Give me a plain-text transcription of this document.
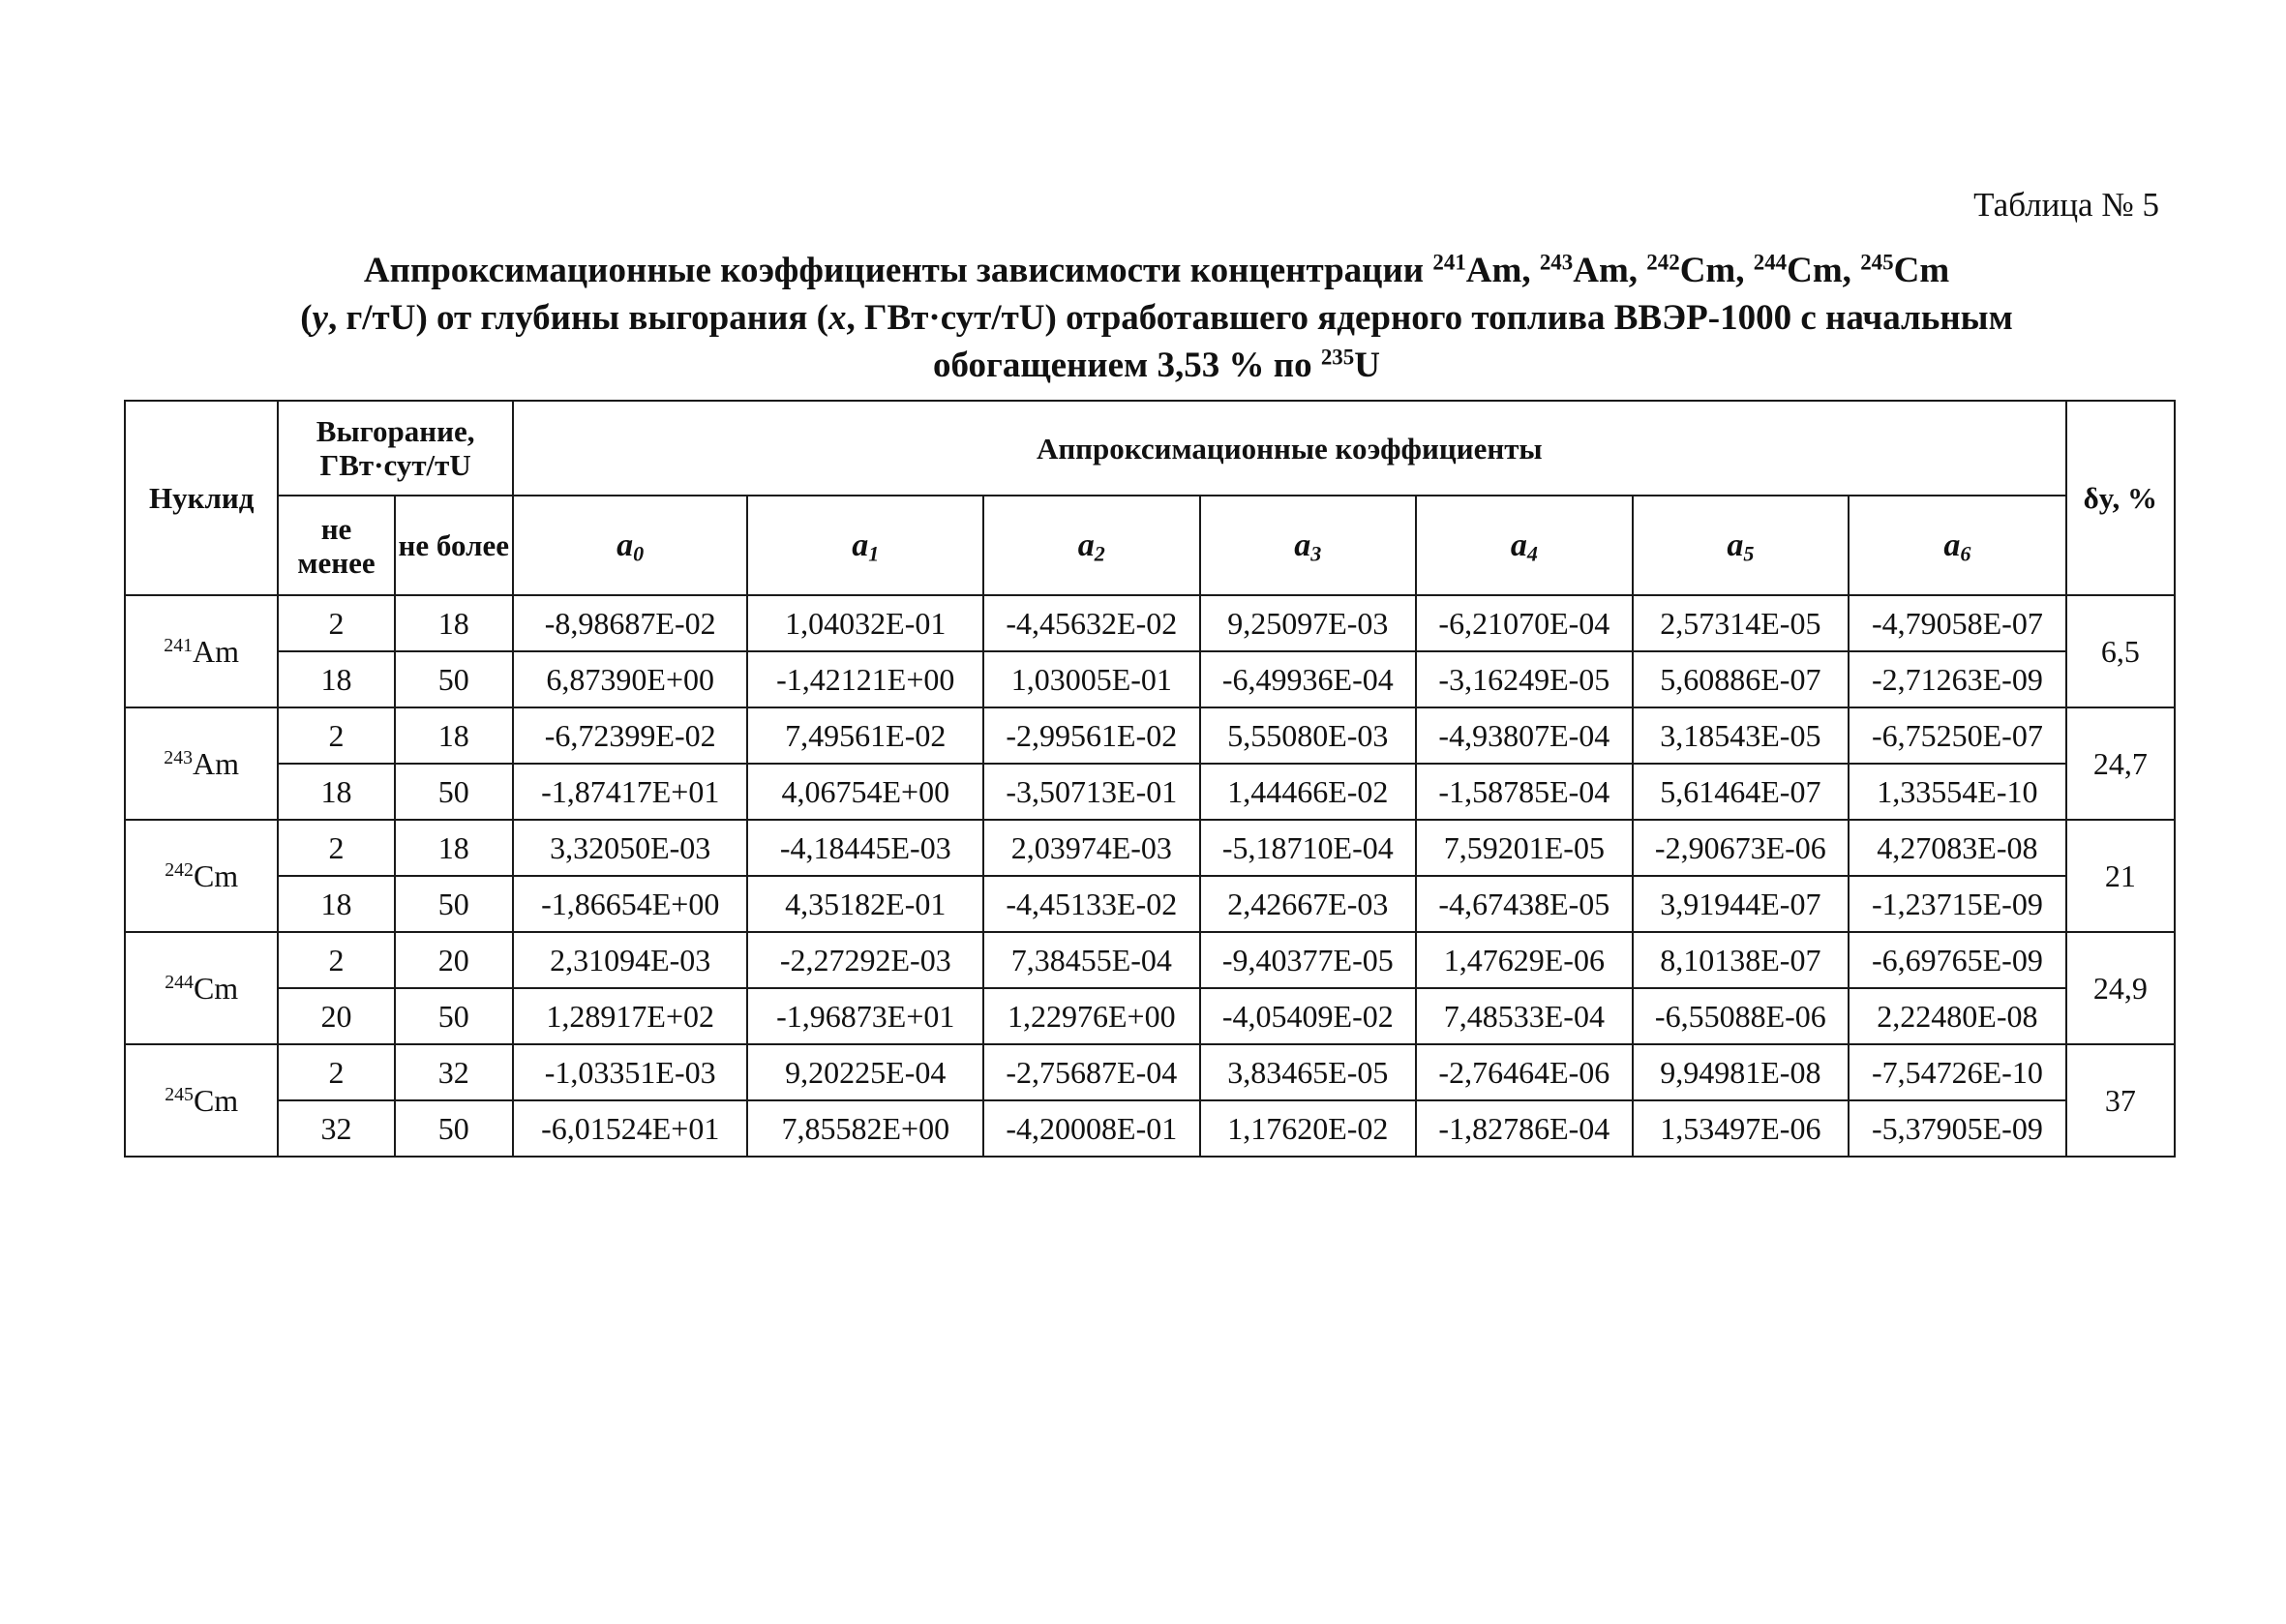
Таблица № 5
Аппроксимационные коэффициенты зависимости концентрации $^{241}$Am, $^{243}$Am, $^{242}$Cm, $^{244}$Cm, $^{245}$Cm
(y, г/тU) от глубины выгорания (x, ГВт·сут/тU) отработавшего ядерного топлива ВВЭР-1000 с начальным
обогащением 3,53 % по $^{235}$U
Нуклид	Выгорание, ГВт·сут/тU		Аппроксимационные коэффициенты							δy, %
	не менее	не более	$a_0$	$a_1$	$a_2$	$a_3$	$a_4$	$a_5$	$a_6$
$^{241}$Am	2	18	-8,98687E-02	1,04032E-01	-4,45632E-02	9,25097E-03	-6,21070E-04	2,57314E-05	-4,79058E-07	6,5
	18	50	6,87390E+00	-1,42121E+00	1,03005E-01	-6,49936E-04	-3,16249E-05	5,60886E-07	-2,71263E-09	
$^{243}$Am	2	18	-6,72399E-02	7,49561E-02	-2,99561E-02	5,55080E-03	-4,93807E-04	3,18543E-05	-6,75250E-07	24,7
	18	50	-1,87417E+01	4,06754E+00	-3,50713E-01	1,44466E-02	-1,58785E-04	5,61464E-07	1,33554E-10	
$^{242}$Cm	2	18	3,32050E-03	-4,18445E-03	2,03974E-03	-5,18710E-04	7,59201E-05	-2,90673E-06	4,27083E-08	21
	18	50	-1,86654E+00	4,35182E-01	-4,45133E-02	2,42667E-03	-4,67438E-05	3,91944E-07	-1,23715E-09	
$^{244}$Cm	2	20	2,31094E-03	-2,27292E-03	7,38455E-04	-9,40377E-05	1,47629E-06	8,10138E-07	-6,69765E-09	24,9
	20	50	1,28917E+02	-1,96873E+01	1,22976E+00	-4,05409E-02	7,48533E-04	-6,55088E-06	2,22480E-08	
$^{245}$Cm	2	32	-1,03351E-03	9,20225E-04	-2,75687E-04	3,83465E-05	-2,76464E-06	9,94981E-08	-7,54726E-10	37
	32	50	-6,01524E+01	7,85582E+00	-4,20008E-01	1,17620E-02	-1,82786E-04	1,53497E-06	-5,37905E-09	
